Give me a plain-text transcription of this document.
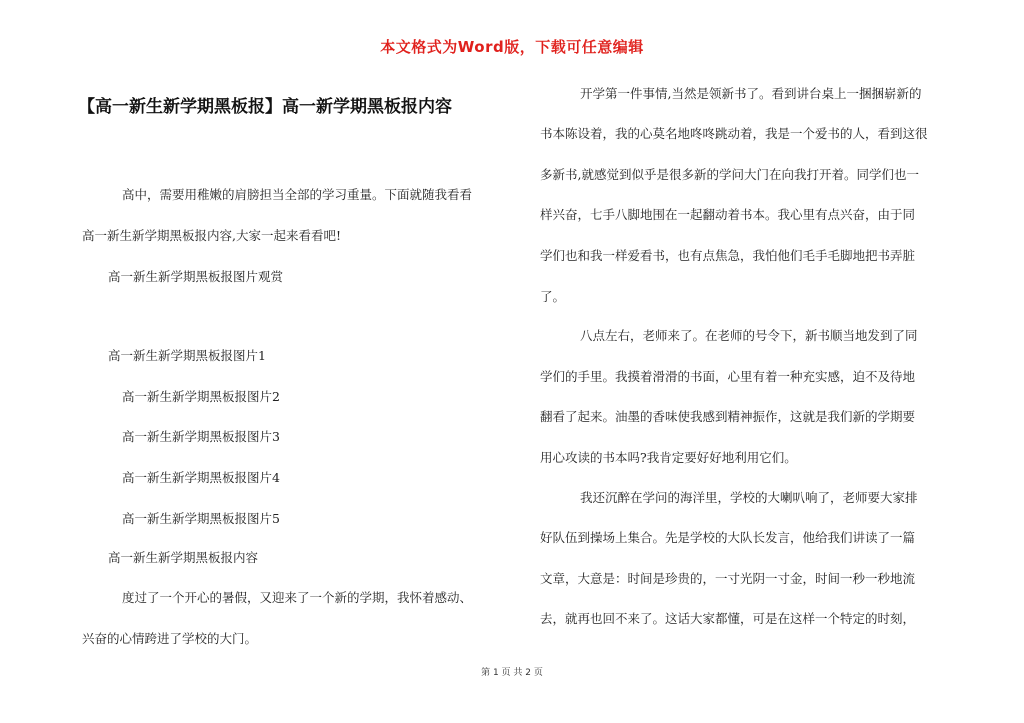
本文格式为Word版，下载可任意编辑
【高一新生新学期黑板报】高一新学期黑板报内容
高中，需要用稚嫩的肩膀担当全部的学习重量。下面就随我看看
高一新生新学期黑板报内容,大家一起来看看吧!
高一新生新学期黑板报图片观赏
高一新生新学期黑板报图片1
高一新生新学期黑板报图片2
高一新生新学期黑板报图片3
高一新生新学期黑板报图片4
高一新生新学期黑板报图片5
高一新生新学期黑板报内容
度过了一个开心的暑假，又迎来了一个新的学期，我怀着感动、
兴奋的心情跨进了学校的大门。
开学第一件事情,当然是领新书了。看到讲台桌上一捆捆崭新的
书本陈设着，我的心莫名地咚咚跳动着，我是一个爱书的人，看到这很
多新书,就感觉到似乎是很多新的学问大门在向我打开着。同学们也一
样兴奋，七手八脚地围在一起翻动着书本。我心里有点兴奋，由于同
学们也和我一样爱看书，也有点焦急，我怕他们毛手毛脚地把书弄脏
了。
八点左右，老师来了。在老师的号令下，新书顺当地发到了同
学们的手里。我摸着滑滑的书面，心里有着一种充实感，迫不及待地
翻看了起来。油墨的香味使我感到精神振作，这就是我们新的学期要
用心攻读的书本吗?我肯定要好好地利用它们。
我还沉醉在学问的海洋里，学校的大喇叭响了，老师要大家排
好队伍到操场上集合。先是学校的大队长发言，他给我们讲读了一篇
文章，大意是：时间是珍贵的，一寸光阴一寸金，时间一秒一秒地流
去，就再也回不来了。这话大家都懂，可是在这样一个特定的时刻，
第 1 页 共 2 页
